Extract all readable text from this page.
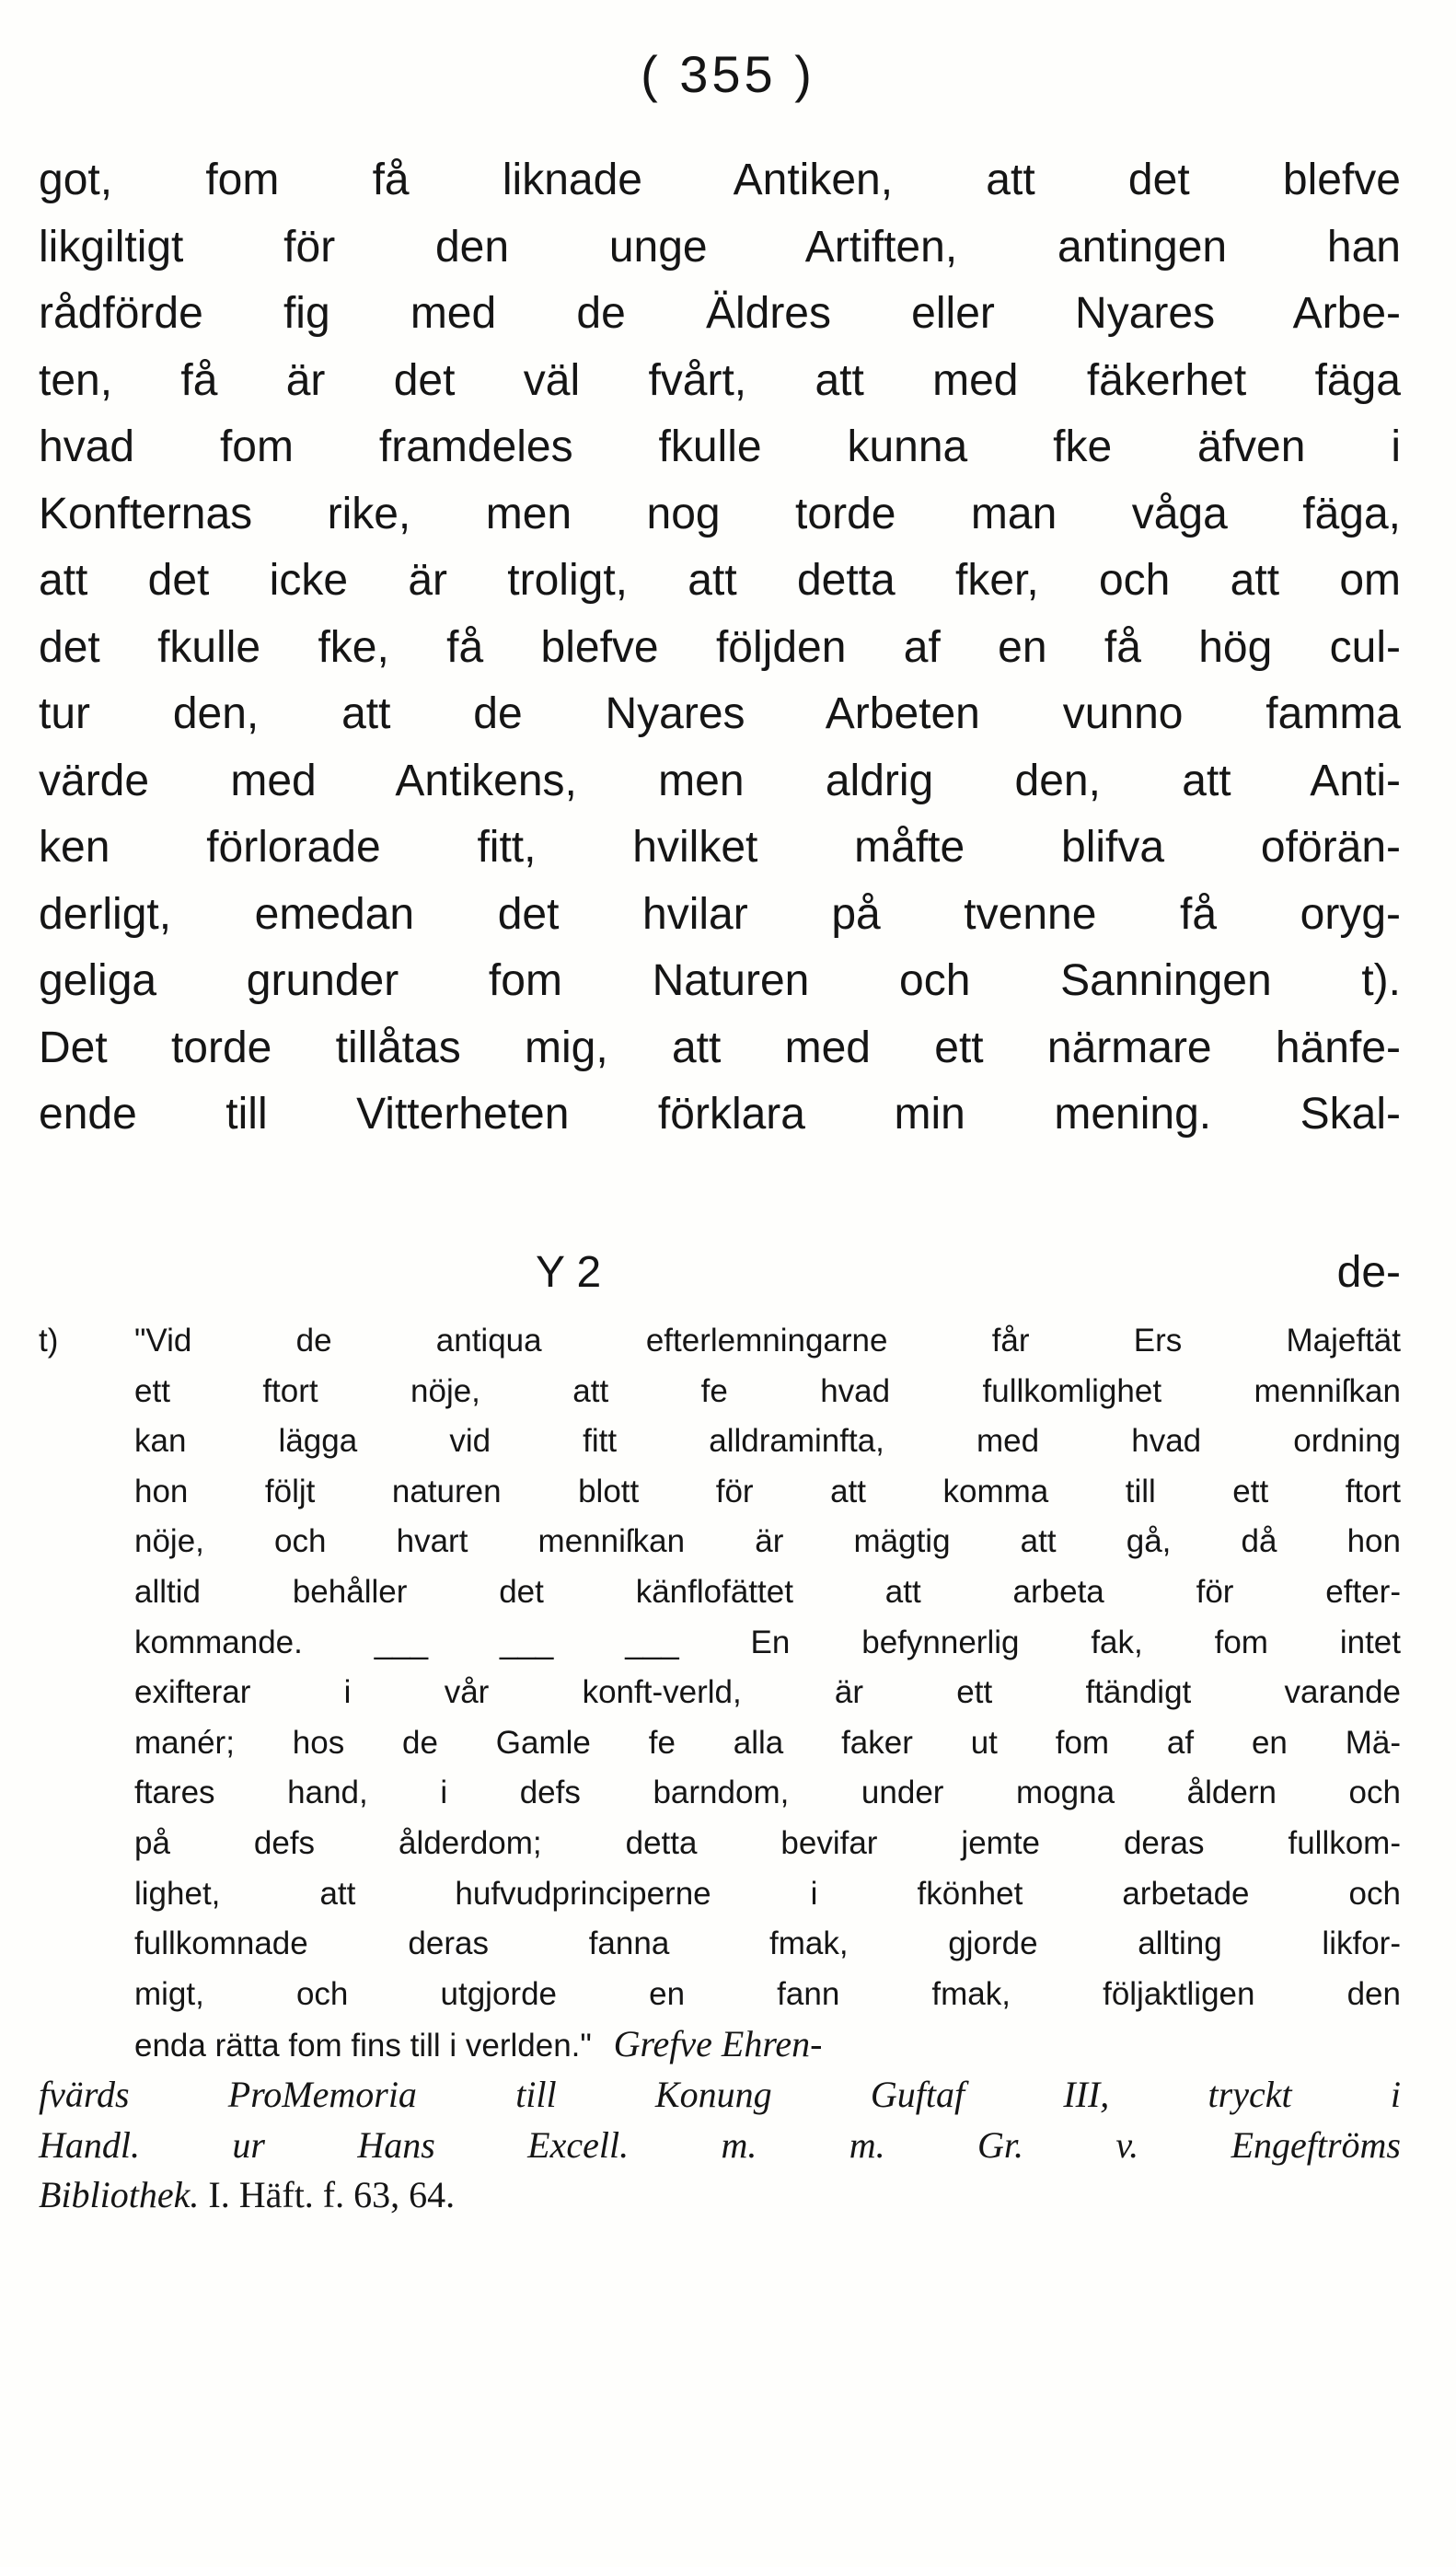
( 355 )
got, fom få liknade Antiken, att det blefve
likgiltigt för den unge Artiften, antingen han
rådförde fig med de Äldres eller Nyares Arbe-
ten, få är det väl fvårt, att med fäkerhet fäga
hvad fom framdeles fkulle kunna fke äfven i
Konfternas rike, men nog torde man våga fäga,
att det icke är troligt, att detta fker, och att om
det fkulle fke, få blefve följden af en få hög cul-
tur den, att de Nyares Arbeten vunno famma
värde med Antikens, men aldrig den, att Anti-
ken förlorade fitt, hvilket måfte blifva oförän-
derligt, emedan det hvilar på tvenne få oryg-
geliga grunder fom Naturen och Sanningen t).
Det torde tillåtas mig, att med ett närmare hänfe-
ende till Vitterheten förklara min mening. Skal-
Y 2	de-
t)	"Vid de antiqua efterlemningarne får Ers Majeftät
ett ftort nöje, att fe hvad fullkomlighet menniſkan
kan lägga vid fitt alldraminfta, med hvad ordning
hon följt naturen blott för att komma till ett ftort
nöje, och hvart menniſkan är mägtig att gå, då hon
alltid behåller det känflofättet att arbeta för efter-
kommande. ___ ___ ___ En befynnerlig fak, fom intet
exifterar i vår konft-verld, är ett ftändigt varande
manér; hos de Gamle fe alla faker ut fom af en Mä-
ftares hand, i defs barndom, under mogna åldern och
på defs ålderdom; detta bevifar jemte deras fullkom-
lighet, att hufvudprinciperne i fkönhet arbetade och
fullkomnade deras fanna fmak, gjorde allting likfor-
migt, och utgjorde en fann fmak, följaktligen den
enda rätta fom fins till i verlden." Grefve Ehren-
fvärds ProMemoria till Konung Guftaf III, tryckt i
Handl. ur Hans Excell. m. m. Gr. v. Engeftröms
Bibliothek. I. Häft. f. 63, 64.
